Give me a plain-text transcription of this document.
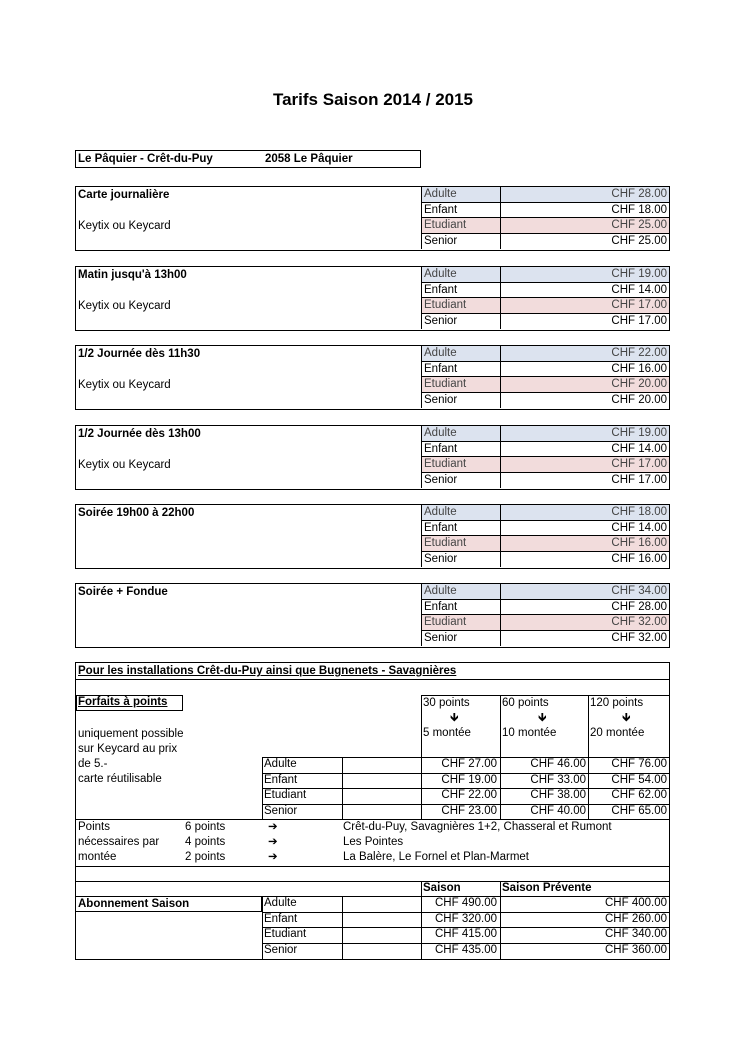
Tarifs Saison 2014 / 2015
Le Pâquier - Crêt-du-Puy	2058 Le Pâquier
Carte journalière
Keytix ou Keycard
Adulte	CHF 28.00
Enfant	CHF 18.00
Etudiant	CHF 25.00
Senior	CHF 25.00
Matin jusqu'à 13h00
Keytix ou Keycard
Adulte	CHF 19.00
Enfant	CHF 14.00
Etudiant	CHF 17.00
Senior	CHF 17.00
1/2 Journée dès 11h30
Keytix ou Keycard
Adulte	CHF 22.00
Enfant	CHF 16.00
Etudiant	CHF 20.00
Senior	CHF 20.00
1/2 Journée dès 13h00
Keytix ou Keycard
Adulte	CHF 19.00
Enfant	CHF 14.00
Etudiant	CHF 17.00
Senior	CHF 17.00
Soirée 19h00 à 22h00	Adulte	CHF 18.00
Enfant	CHF 14.00
Etudiant	CHF 16.00
Senior	CHF 16.00
Soirée + Fondue	Adulte	CHF 34.00
Enfant	CHF 28.00
Etudiant	CHF 32.00
Senior	CHF 32.00
Pour les installations Crêt-du-Puy ainsi que Bugnenets - Savagnières
Forfaits à points
uniquement possible
sur Keycard au prix
de 5.-
carte réutilisable
30 points
🡻
5 montée
60 points
🡻
10 montée
120 points
🡻
20 montée
Adulte	CHF 27.00	CHF 46.00	CHF 76.00
Enfant	CHF 19.00	CHF 33.00	CHF 54.00
Etudiant	CHF 22.00	CHF 38.00	CHF 62.00
Senior	CHF 23.00	CHF 40.00	CHF 65.00
Points
nécessaires par
montée
6 points	➔	Crêt-du-Puy, Savagnières 1+2, Chasseral et Rumont
4 points	➔	Les Pointes
2 points	➔	La Balère, Le Fornel et Plan-Marmet
Saison	Saison Prévente
Abonnement Saison	Adulte	CHF 490.00	CHF 400.00
Enfant	CHF 320.00	CHF 260.00
Etudiant	CHF 415.00	CHF 340.00
Senior	CHF 435.00	CHF 360.00
